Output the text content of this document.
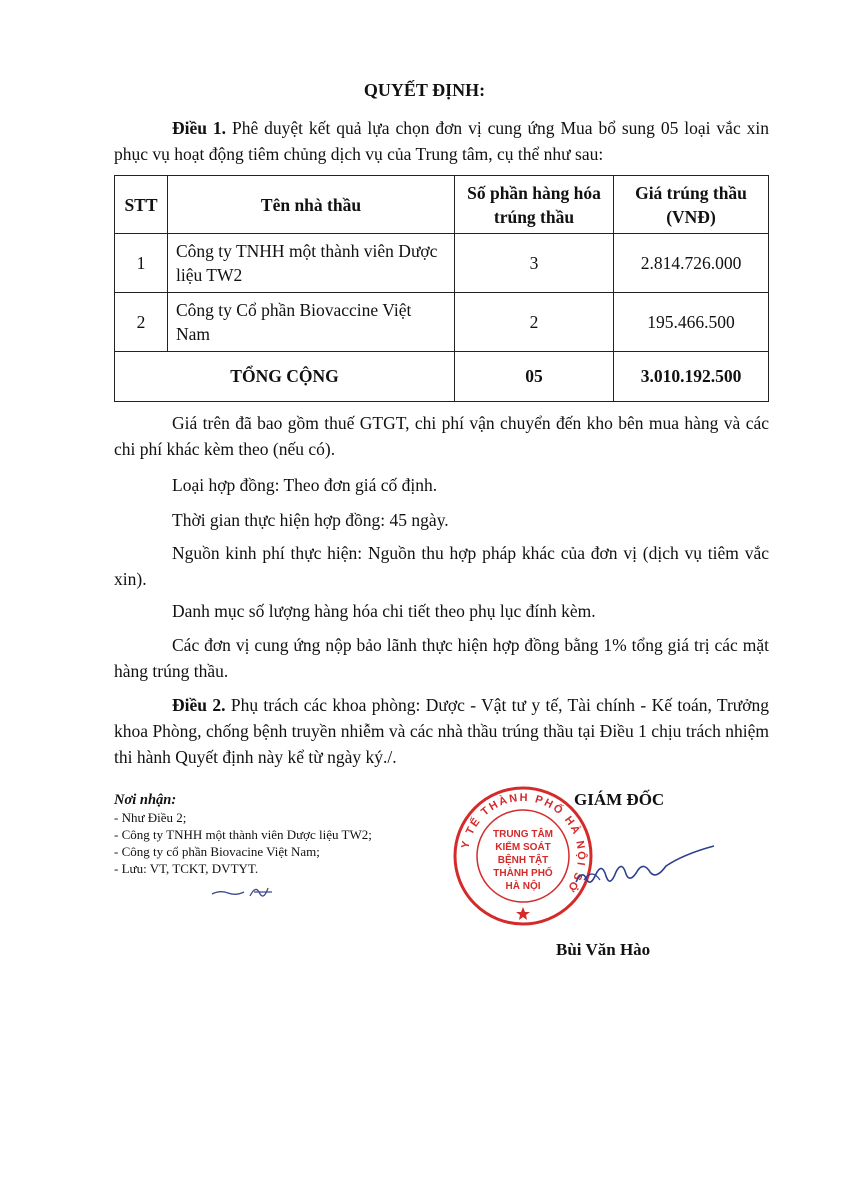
QUYẾT ĐỊNH:

Điều 1. Phê duyệt kết quả lựa chọn đơn vị cung ứng Mua bổ sung 05 loại vắc xin phục vụ hoạt động tiêm chủng dịch vụ của Trung tâm, cụ thể như sau:

STT	Tên nhà thầu	Số phần hàng hóa trúng thầu	Giá trúng thầu (VNĐ)
1	Công ty TNHH một thành viên Dược liệu TW2	3	2.814.726.000
2	Công ty Cổ phần Biovaccine Việt Nam	2	195.466.500
TỔNG CỘNG		05	3.010.192.500

Giá trên đã bao gồm thuế GTGT, chi phí vận chuyển đến kho bên mua hàng và các chi phí khác kèm theo (nếu có).

Loại hợp đồng: Theo đơn giá cố định.

Thời gian thực hiện hợp đồng: 45 ngày.

Nguồn kinh phí thực hiện: Nguồn thu hợp pháp khác của đơn vị (dịch vụ tiêm vắc xin).

Danh mục số lượng hàng hóa chi tiết theo phụ lục đính kèm.

Các đơn vị cung ứng nộp bảo lãnh thực hiện hợp đồng bằng 1% tổng giá trị các mặt hàng trúng thầu.

Điều 2. Phụ trách các khoa phòng: Dược - Vật tư y tế, Tài chính - Kế toán, Trưởng khoa Phòng, chống bệnh truyền nhiễm và các nhà thầu trúng thầu tại Điều 1 chịu trách nhiệm thi hành Quyết định này kể từ ngày ký./.

Nơi nhận:
- Như Điều 2;
- Công ty TNHH một thành viên Dược liệu TW2;
- Công ty cổ phần Biovacine Việt Nam;
- Lưu: VT, TCKT, DVTYT.
GIÁM ĐỐC
Y TẾ THÀNH PHỐ HÀ NỘI SỞ
TRUNG TÂM
KIỂM SOÁT
BỆNH TẬT
THÀNH PHỐ
HÀ NỘI
Bùi Văn Hào
